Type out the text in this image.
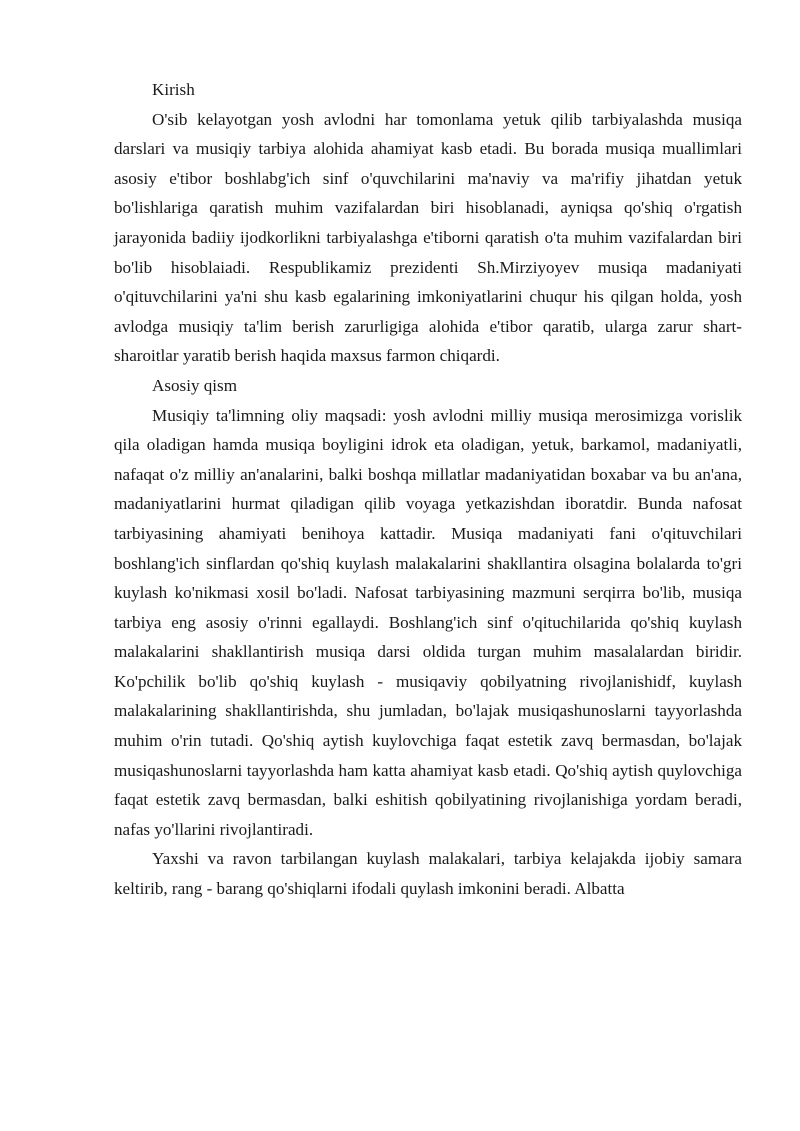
Kirish

O'sib kelayotgan yosh avlodni har tomonlama yetuk qilib tarbiyalashda musiqa darslari va musiqiy tarbiya alohida ahamiyat kasb etadi. Bu borada musiqa muallimlari asosiy e'tibor boshlabg'ich sinf o'quvchilarini ma'naviy va ma'rifiy jihatdan yetuk bo'lishlariga qaratish muhim vazifalardan biri hisoblanadi, ayniqsa qo'shiq o'rgatish jarayonida badiiy ijodkorlikni tarbiyalashga e'tiborni qaratish o'ta muhim vazifalardan biri bo'lib hisoblaiadi. Respublikamiz prezidenti Sh.Mirziyoyev musiqa madaniyati o'qituvchilarini ya'ni shu kasb egalarining imkoniyatlarini chuqur his qilgan holda, yosh avlodga musiqiy ta'lim berish zarurligiga alohida e'tibor qaratib, ularga zarur shart-sharoitlar yaratib berish haqida maxsus farmon chiqardi.

Asosiy qism

Musiqiy ta'limning oliy maqsadi: yosh avlodni milliy musiqa merosimizga vorislik qila oladigan hamda musiqa boyligini idrok eta oladigan, yetuk, barkamol, madaniyatli, nafaqat o'z milliy an'analarini, balki boshqa millatlar madaniyatidan boxabar va bu an'ana, madaniyatlarini hurmat qiladigan qilib voyaga yetkazishdan iboratdir. Bunda nafosat tarbiyasining ahamiyati benihoya kattadir. Musiqa madaniyati fani o'qituvchilari boshlang'ich sinflardan qo'shiq kuylash malakalarini shakllantira olsagina bolalarda to'gri kuylash ko'nikmasi xosil bo'ladi. Nafosat tarbiyasining mazmuni serqirra bo'lib, musiqa tarbiya eng asosiy o'rinni egallaydi. Boshlang'ich sinf o'qituchilarida qo'shiq kuylash malakalarini shakllantirish musiqa darsi oldida turgan muhim masalalardan biridir. Ko'pchilik bo'lib qo'shiq kuylash - musiqaviy qobilyatning rivojlanishidf, kuylash malakalarining shakllantirishda, shu jumladan, bo'lajak musiqashunoslarni tayyorlashda muhim o'rin tutadi. Qo'shiq aytish kuylovchiga faqat estetik zavq bermasdan, bo'lajak musiqashunoslarni tayyorlashda ham katta ahamiyat kasb etadi. Qo'shiq aytish quylovchiga faqat estetik zavq bermasdan, balki eshitish qobilyatining rivojlanishiga yordam beradi, nafas yo'llarini rivojlantiradi.

Yaxshi va ravon tarbilangan kuylash malakalari, tarbiya kelajakda ijobiy samara keltirib, rang - barang qo'shiqlarni ifodali quylash imkonini beradi. Albatta
